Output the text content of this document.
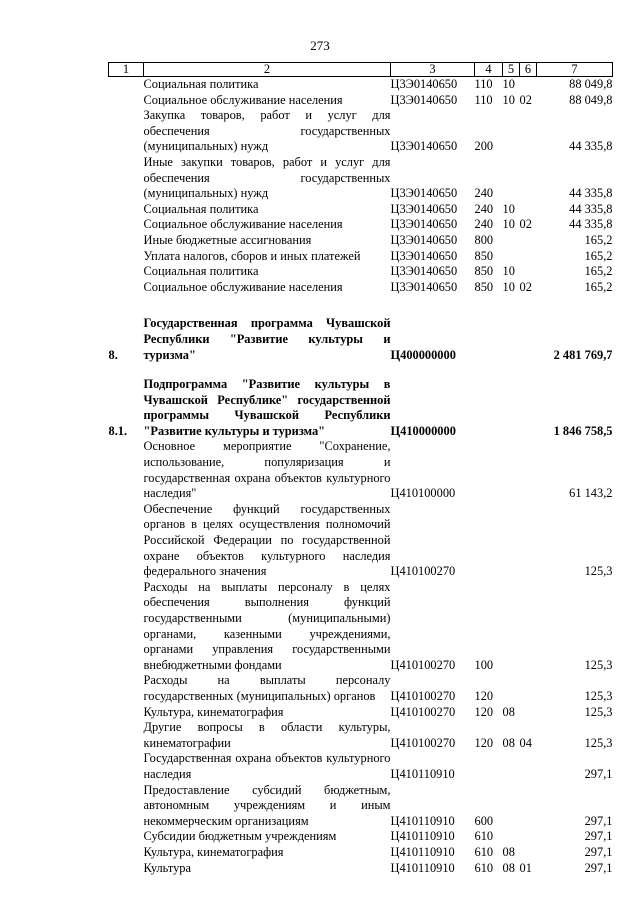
273
1	2	3	4	5	6	7
	Социальная политика	Ц3Э0140650	110	10		88 049,8
	Социальное обслуживание населения	Ц3Э0140650	110	10	02	88 049,8
	Закупка товаров, работ и услуг для обеспечения государственных (муниципальных) нужд	Ц3Э0140650	200			44 335,8
	Иные закупки товаров, работ и услуг для обеспечения государственных (муниципальных) нужд	Ц3Э0140650	240			44 335,8
	Социальная политика	Ц3Э0140650	240	10		44 335,8
	Социальное обслуживание населения	Ц3Э0140650	240	10	02	44 335,8
	Иные бюджетные ассигнования	Ц3Э0140650	800			165,2
	Уплата налогов, сборов и иных платежей	Ц3Э0140650	850			165,2
	Социальная политика	Ц3Э0140650	850	10		165,2
	Социальное обслуживание населения	Ц3Э0140650	850	10	02	165,2

8.	Государственная программа Чувашской Республики "Развитие культуры и туризма"	Ц400000000				2 481 769,7

8.1.	Подпрограмма "Развитие культуры в Чувашской Республике" государственной программы Чувашской Республики "Развитие культуры и туризма"	Ц410000000				1 846 758,5
	Основное мероприятие "Сохранение, использование, популяризация и государственная охрана объектов культурного наследия"	Ц410100000				61 143,2
	Обеспечение функций государственных органов в целях осуществления полномочий Российской Федерации по государственной охране объектов культурного наследия федерального значения	Ц410100270				125,3
	Расходы на выплаты персоналу в целях обеспечения выполнения функций государственными (муниципальными) органами, казенными учреждениями, органами управления государственными внебюджетными фондами	Ц410100270	100			125,3
	Расходы на выплаты персоналу государственных (муниципальных) органов	Ц410100270	120			125,3
	Культура, кинематография	Ц410100270	120	08		125,3
	Другие вопросы в области культуры, кинематографии	Ц410100270	120	08	04	125,3
	Государственная охрана объектов культурного наследия	Ц410110910				297,1
	Предоставление субсидий бюджетным, автономным учреждениям и иным некоммерческим организациям	Ц410110910	600			297,1
	Субсидии бюджетным учреждениям	Ц410110910	610			297,1
	Культура, кинематография	Ц410110910	610	08		297,1
	Культура	Ц410110910	610	08	01	297,1
